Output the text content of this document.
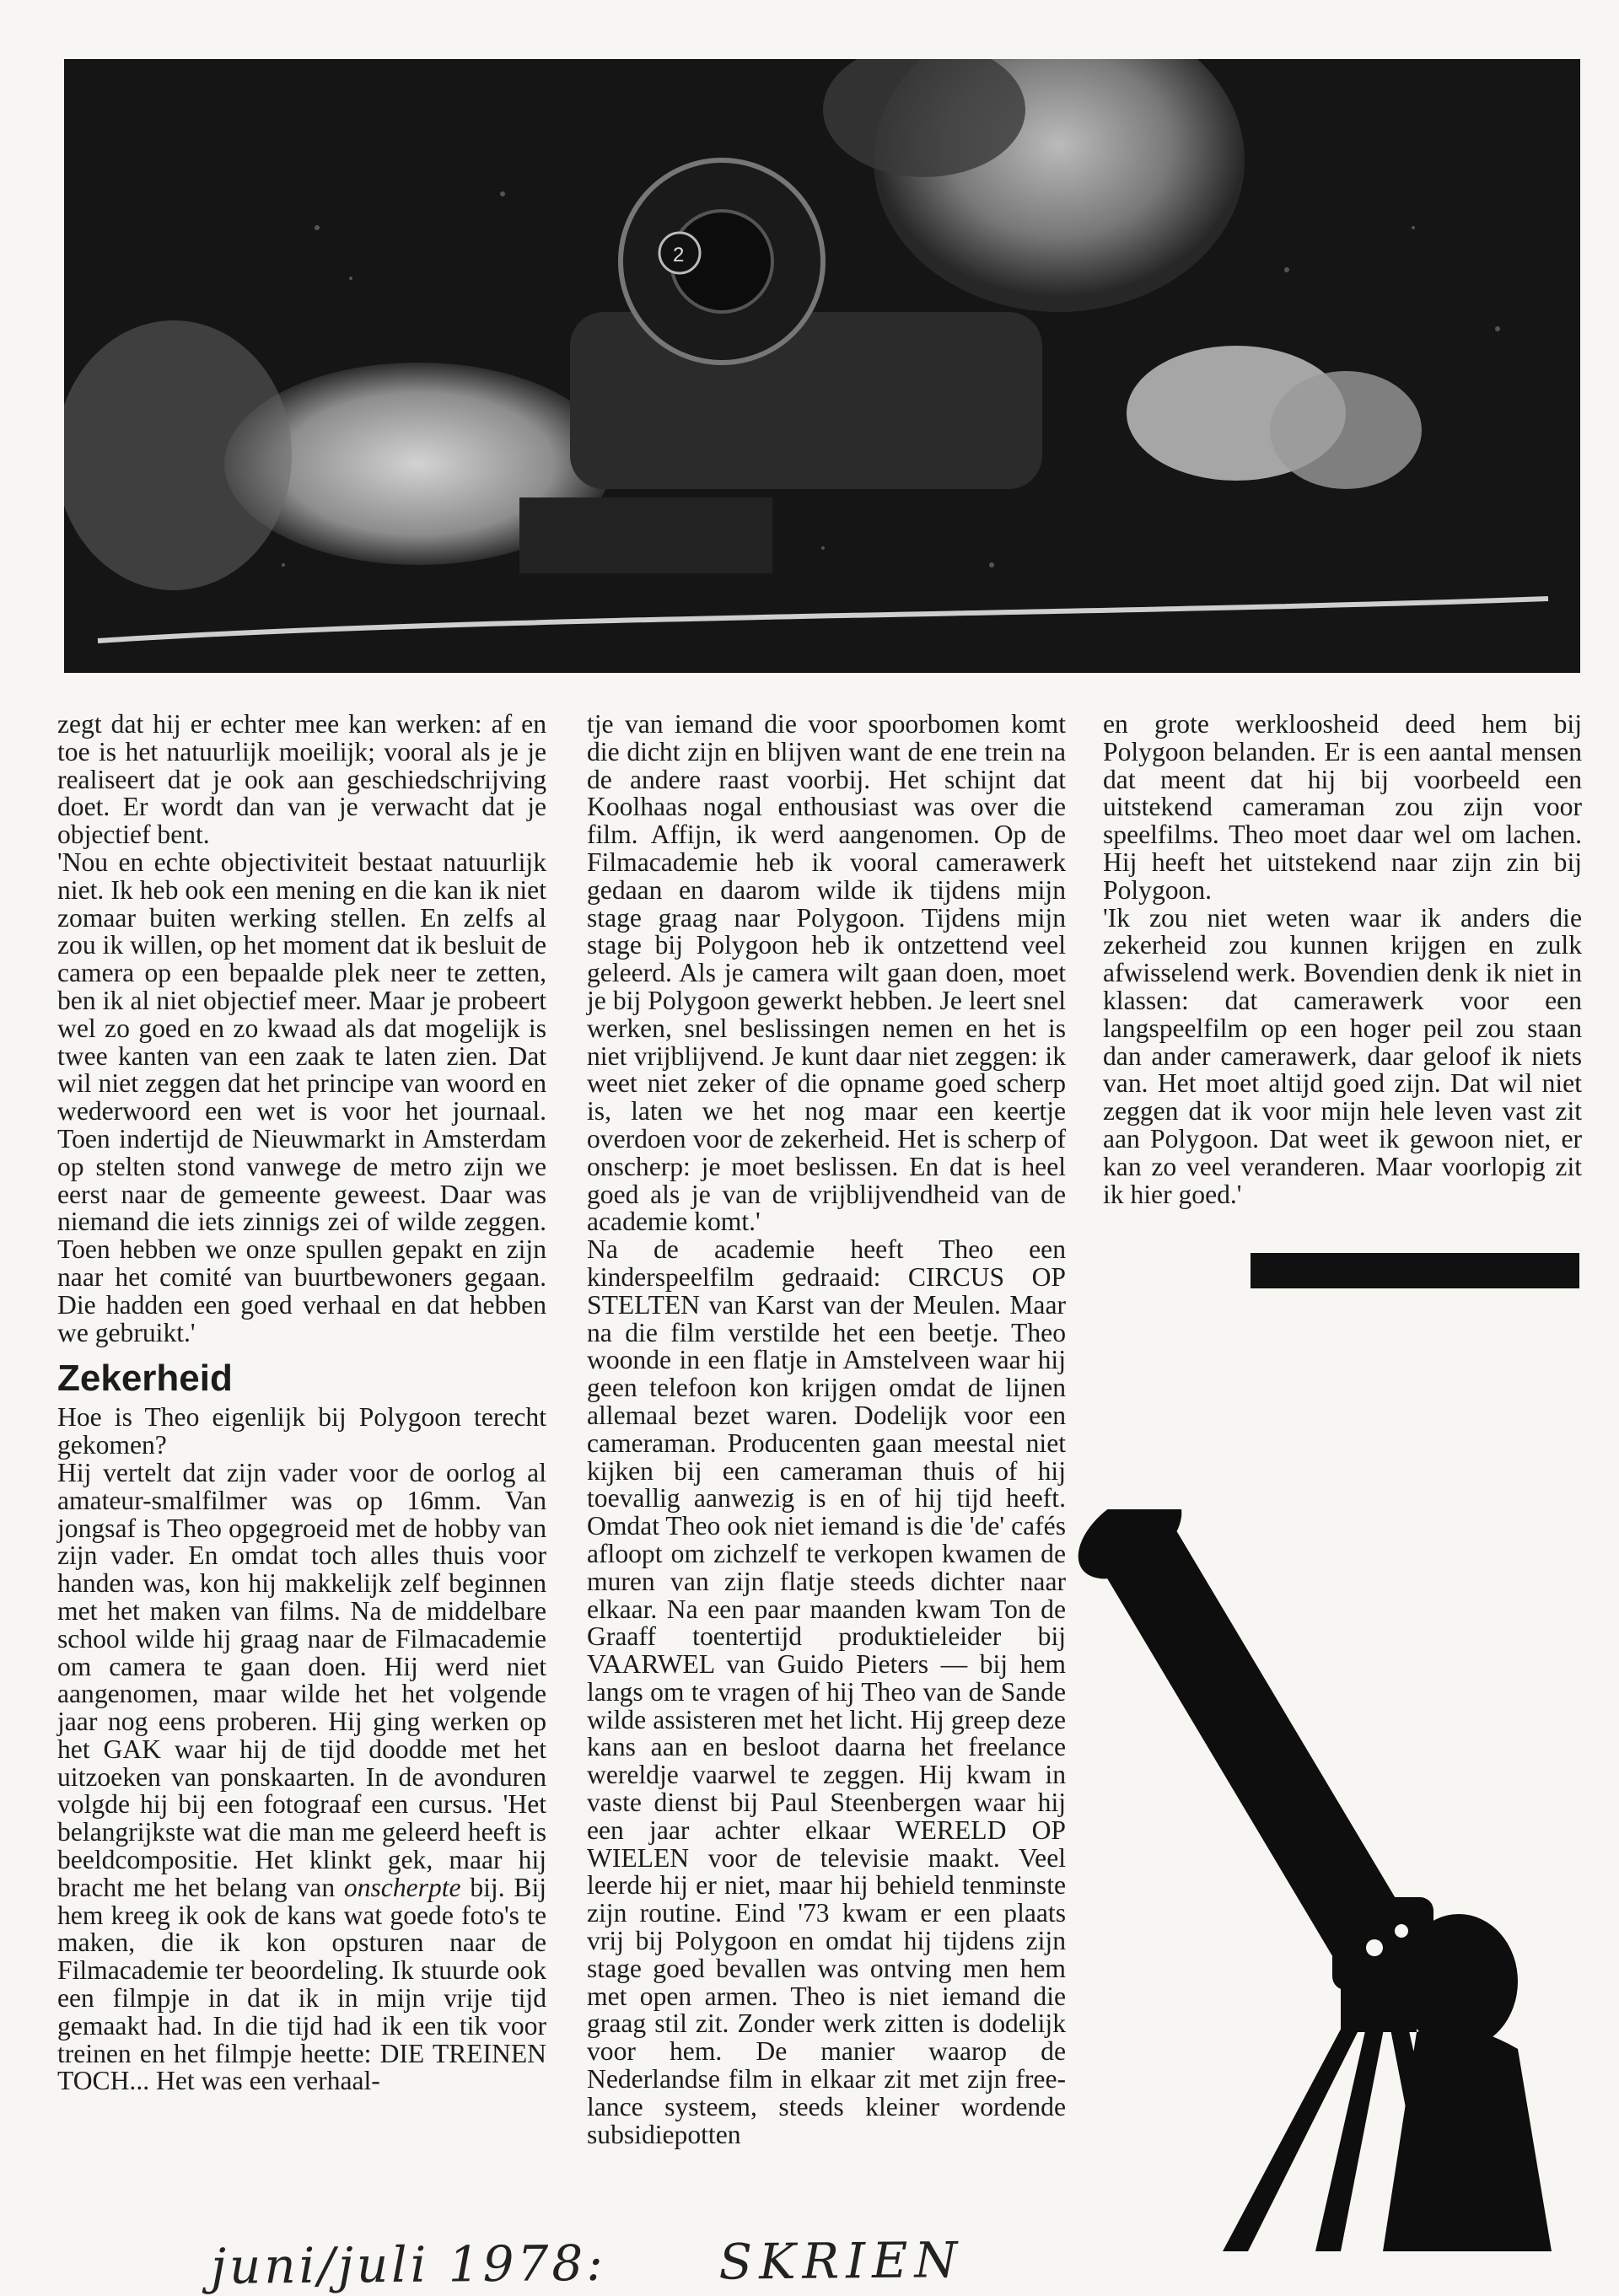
2

zegt dat hij er echter mee kan werken: af en toe is het natuurlijk moeilijk; vooral als je je realiseert dat je ook aan geschiedschrijving doet. Er wordt dan van je verwacht dat je objectief bent.

'Nou en echte objectiviteit bestaat natuurlijk niet. Ik heb ook een mening en die kan ik niet zomaar buiten werking stellen. En zelfs al zou ik willen, op het moment dat ik besluit de camera op een bepaalde plek neer te zetten, ben ik al niet objectief meer. Maar je probeert wel zo goed en zo kwaad als dat mogelijk is twee kanten van een zaak te laten zien. Dat wil niet zeggen dat het principe van woord en wederwoord een wet is voor het journaal. Toen indertijd de Nieuwmarkt in Amsterdam op stelten stond vanwege de metro zijn we eerst naar de gemeente geweest. Daar was niemand die iets zinnigs zei of wilde zeggen. Toen hebben we onze spullen gepakt en zijn naar het comité van buurtbewoners gegaan. Die hadden een goed verhaal en dat hebben we gebruikt.'

Zekerheid

Hoe is Theo eigenlijk bij Polygoon terecht gekomen?

Hij vertelt dat zijn vader voor de oorlog al amateur-smalfilmer was op 16mm. Van jongsaf is Theo opgegroeid met de hobby van zijn vader. En omdat toch alles thuis voor handen was, kon hij makkelijk zelf beginnen met het maken van films. Na de middelbare school wilde hij graag naar de Filmacademie om camera te gaan doen. Hij werd niet aangenomen, maar wilde het het volgende jaar nog eens proberen. Hij ging werken op het GAK waar hij de tijd doodde met het uitzoeken van ponskaarten. In de avonduren volgde hij bij een fotograaf een cursus. 'Het belangrijkste wat die man me geleerd heeft is beeldcompositie. Het klinkt gek, maar hij bracht me het belang van onscherpte bij. Bij hem kreeg ik ook de kans wat goede foto's te maken, die ik kon opsturen naar de Filmacademie ter beoordeling. Ik stuurde ook een filmpje in dat ik in mijn vrije tijd gemaakt had. In die tijd had ik een tik voor treinen en het filmpje heette: DIE TREINEN TOCH... Het was een verhaal-

tje van iemand die voor spoorbomen komt die dicht zijn en blijven want de ene trein na de andere raast voorbij. Het schijnt dat Koolhaas nogal enthousiast was over die film. Affijn, ik werd aangenomen. Op de Filmacademie heb ik vooral camerawerk gedaan en daarom wilde ik tijdens mijn stage graag naar Polygoon. Tijdens mijn stage bij Polygoon heb ik ontzettend veel geleerd. Als je camera wilt gaan doen, moet je bij Polygoon gewerkt hebben. Je leert snel werken, snel beslissingen nemen en het is niet vrijblijvend. Je kunt daar niet zeggen: ik weet niet zeker of die opname goed scherp is, laten we het nog maar een keertje overdoen voor de zekerheid. Het is scherp of onscherp: je moet beslissen. En dat is heel goed als je van de vrijblijvendheid van de academie komt.'

Na de academie heeft Theo een kinderspeelfilm gedraaid: CIRCUS OP STELTEN van Karst van der Meulen. Maar na die film verstilde het een beetje. Theo woonde in een flatje in Amstelveen waar hij geen telefoon kon krijgen omdat de lijnen allemaal bezet waren. Dodelijk voor een cameraman. Producenten gaan meestal niet kijken bij een cameraman thuis of hij toevallig aanwezig is en of hij tijd heeft. Omdat Theo ook niet iemand is die 'de' cafés afloopt om zichzelf te verkopen kwamen de muren van zijn flatje steeds dichter naar elkaar. Na een paar maanden kwam Ton de Graaff toentertijd produktieleider bij VAARWEL van Guido Pieters — bij hem langs om te vragen of hij Theo van de Sande wilde assisteren met het licht. Hij greep deze kans aan en besloot daarna het freelance wereldje vaarwel te zeggen. Hij kwam in vaste dienst bij Paul Steenbergen waar hij een jaar achter elkaar WERELD OP WIELEN voor de televisie maakt. Veel leerde hij er niet, maar hij behield tenminste zijn routine. Eind '73 kwam er een plaats vrij bij Polygoon en omdat hij tijdens zijn stage goed bevallen was ontving men hem met open armen. Theo is niet iemand die graag stil zit. Zonder werk zitten is dodelijk voor hem. De manier waarop de Nederlandse film in elkaar zit met zijn free-lance systeem, steeds kleiner wordende subsidiepotten

en grote werkloosheid deed hem bij Polygoon belanden. Er is een aantal mensen dat meent dat hij bij voorbeeld een uitstekend cameraman zou zijn voor speelfilms. Theo moet daar wel om lachen. Hij heeft het uitstekend naar zijn zin bij Polygoon.

'Ik zou niet weten waar ik anders die zekerheid zou kunnen krijgen en zulk afwisselend werk. Bovendien denk ik niet in klassen: dat camerawerk voor een langspeelfilm op een hoger peil zou staan dan ander camerawerk, daar geloof ik niets van. Het moet altijd goed zijn. Dat wil niet zeggen dat ik voor mijn hele leven vast zit aan Polygoon. Dat weet ik gewoon niet, er kan zo veel veranderen. Maar voorlopig zit ik hier goed.'

juni/juli 1978: SKRIEN
